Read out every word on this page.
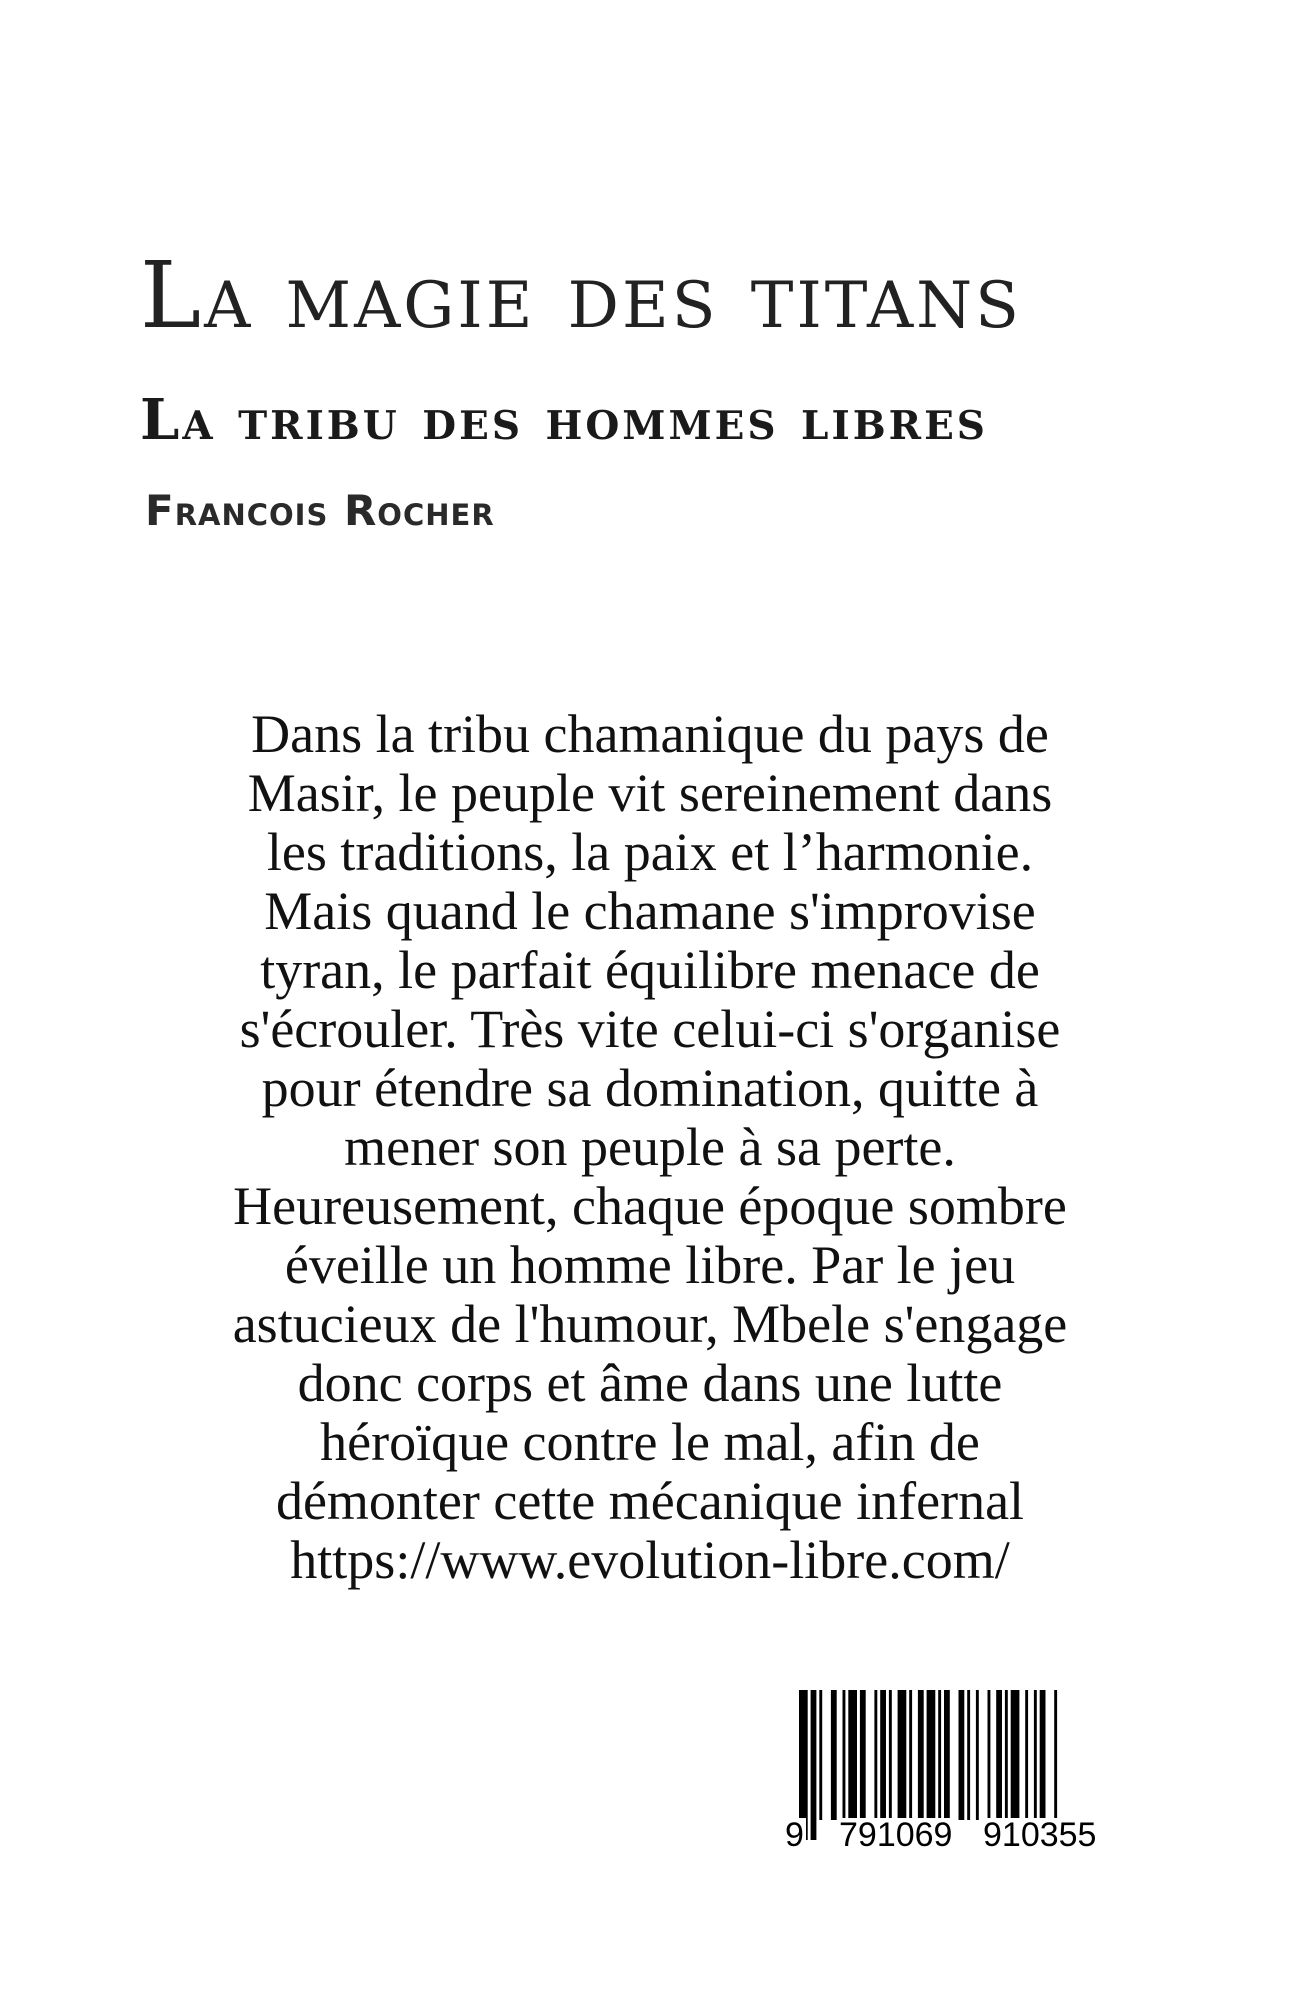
La magie des titans
La tribu des hommes libres
Francois Rocher
Dans la tribu chamanique du pays de
Masir, le peuple vit sereinement dans
les traditions, la paix et l’harmonie.
Mais quand le chamane s'improvise
tyran, le parfait équilibre menace de
s'écrouler. Très vite celui-ci s'organise
pour étendre sa domination, quitte à
mener son peuple à sa perte.
Heureusement, chaque époque sombre
éveille un homme libre. Par le jeu
astucieux de l'humour, Mbele s'engage
donc corps et âme dans une lutte
héroïque contre le mal, afin de
démonter cette mécanique infernal
https://www.evolution-libre.com/
9 791069 910355
